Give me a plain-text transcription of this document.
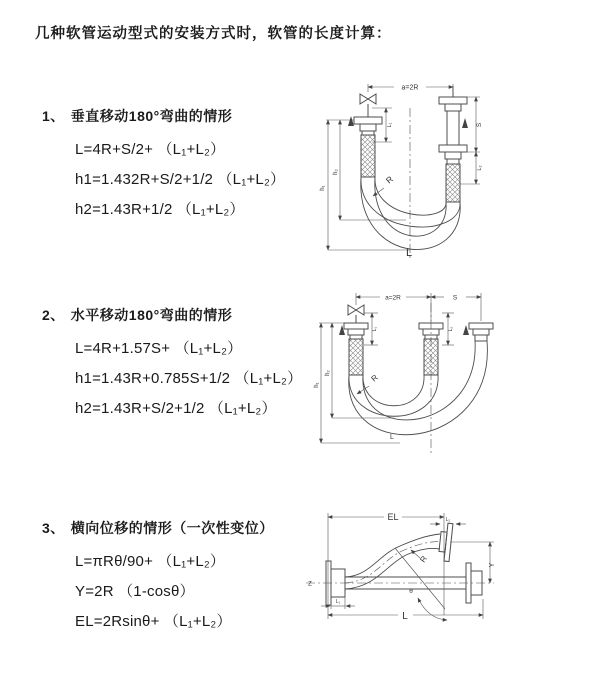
几种软管运动型式的安装方式时，软管的长度计算：
1、 垂直移动180°弯曲的情形
L=4R+S/2+ （L₁+L₂）
h1=1.432R+S/2+1/2 （L₁+L₂）
h2=1.43R+1/2 （L₁+L₂）
a=2R
h₁
h₂
L₁	S
L₂
R
L
2、 水平移动180°弯曲的情形
L=4R+1.57S+ （L₁+L₂）
h1=1.43R+0.785S+1/2 （L₁+L₂）
h2=1.43R+S/2+1/2 （L₁+L₂）
a=2R	S
h₁
h₂
L₁	L₂
R
L
3、 横向位移的情形（一次性变位）
L=πRθ/90+ （L₁+L₂）
Y=2R （1-cosθ）
EL=2Rsinθ+ （L₁+L₂）
EL	L₂
Y
L
L₁
R
θ
Z
